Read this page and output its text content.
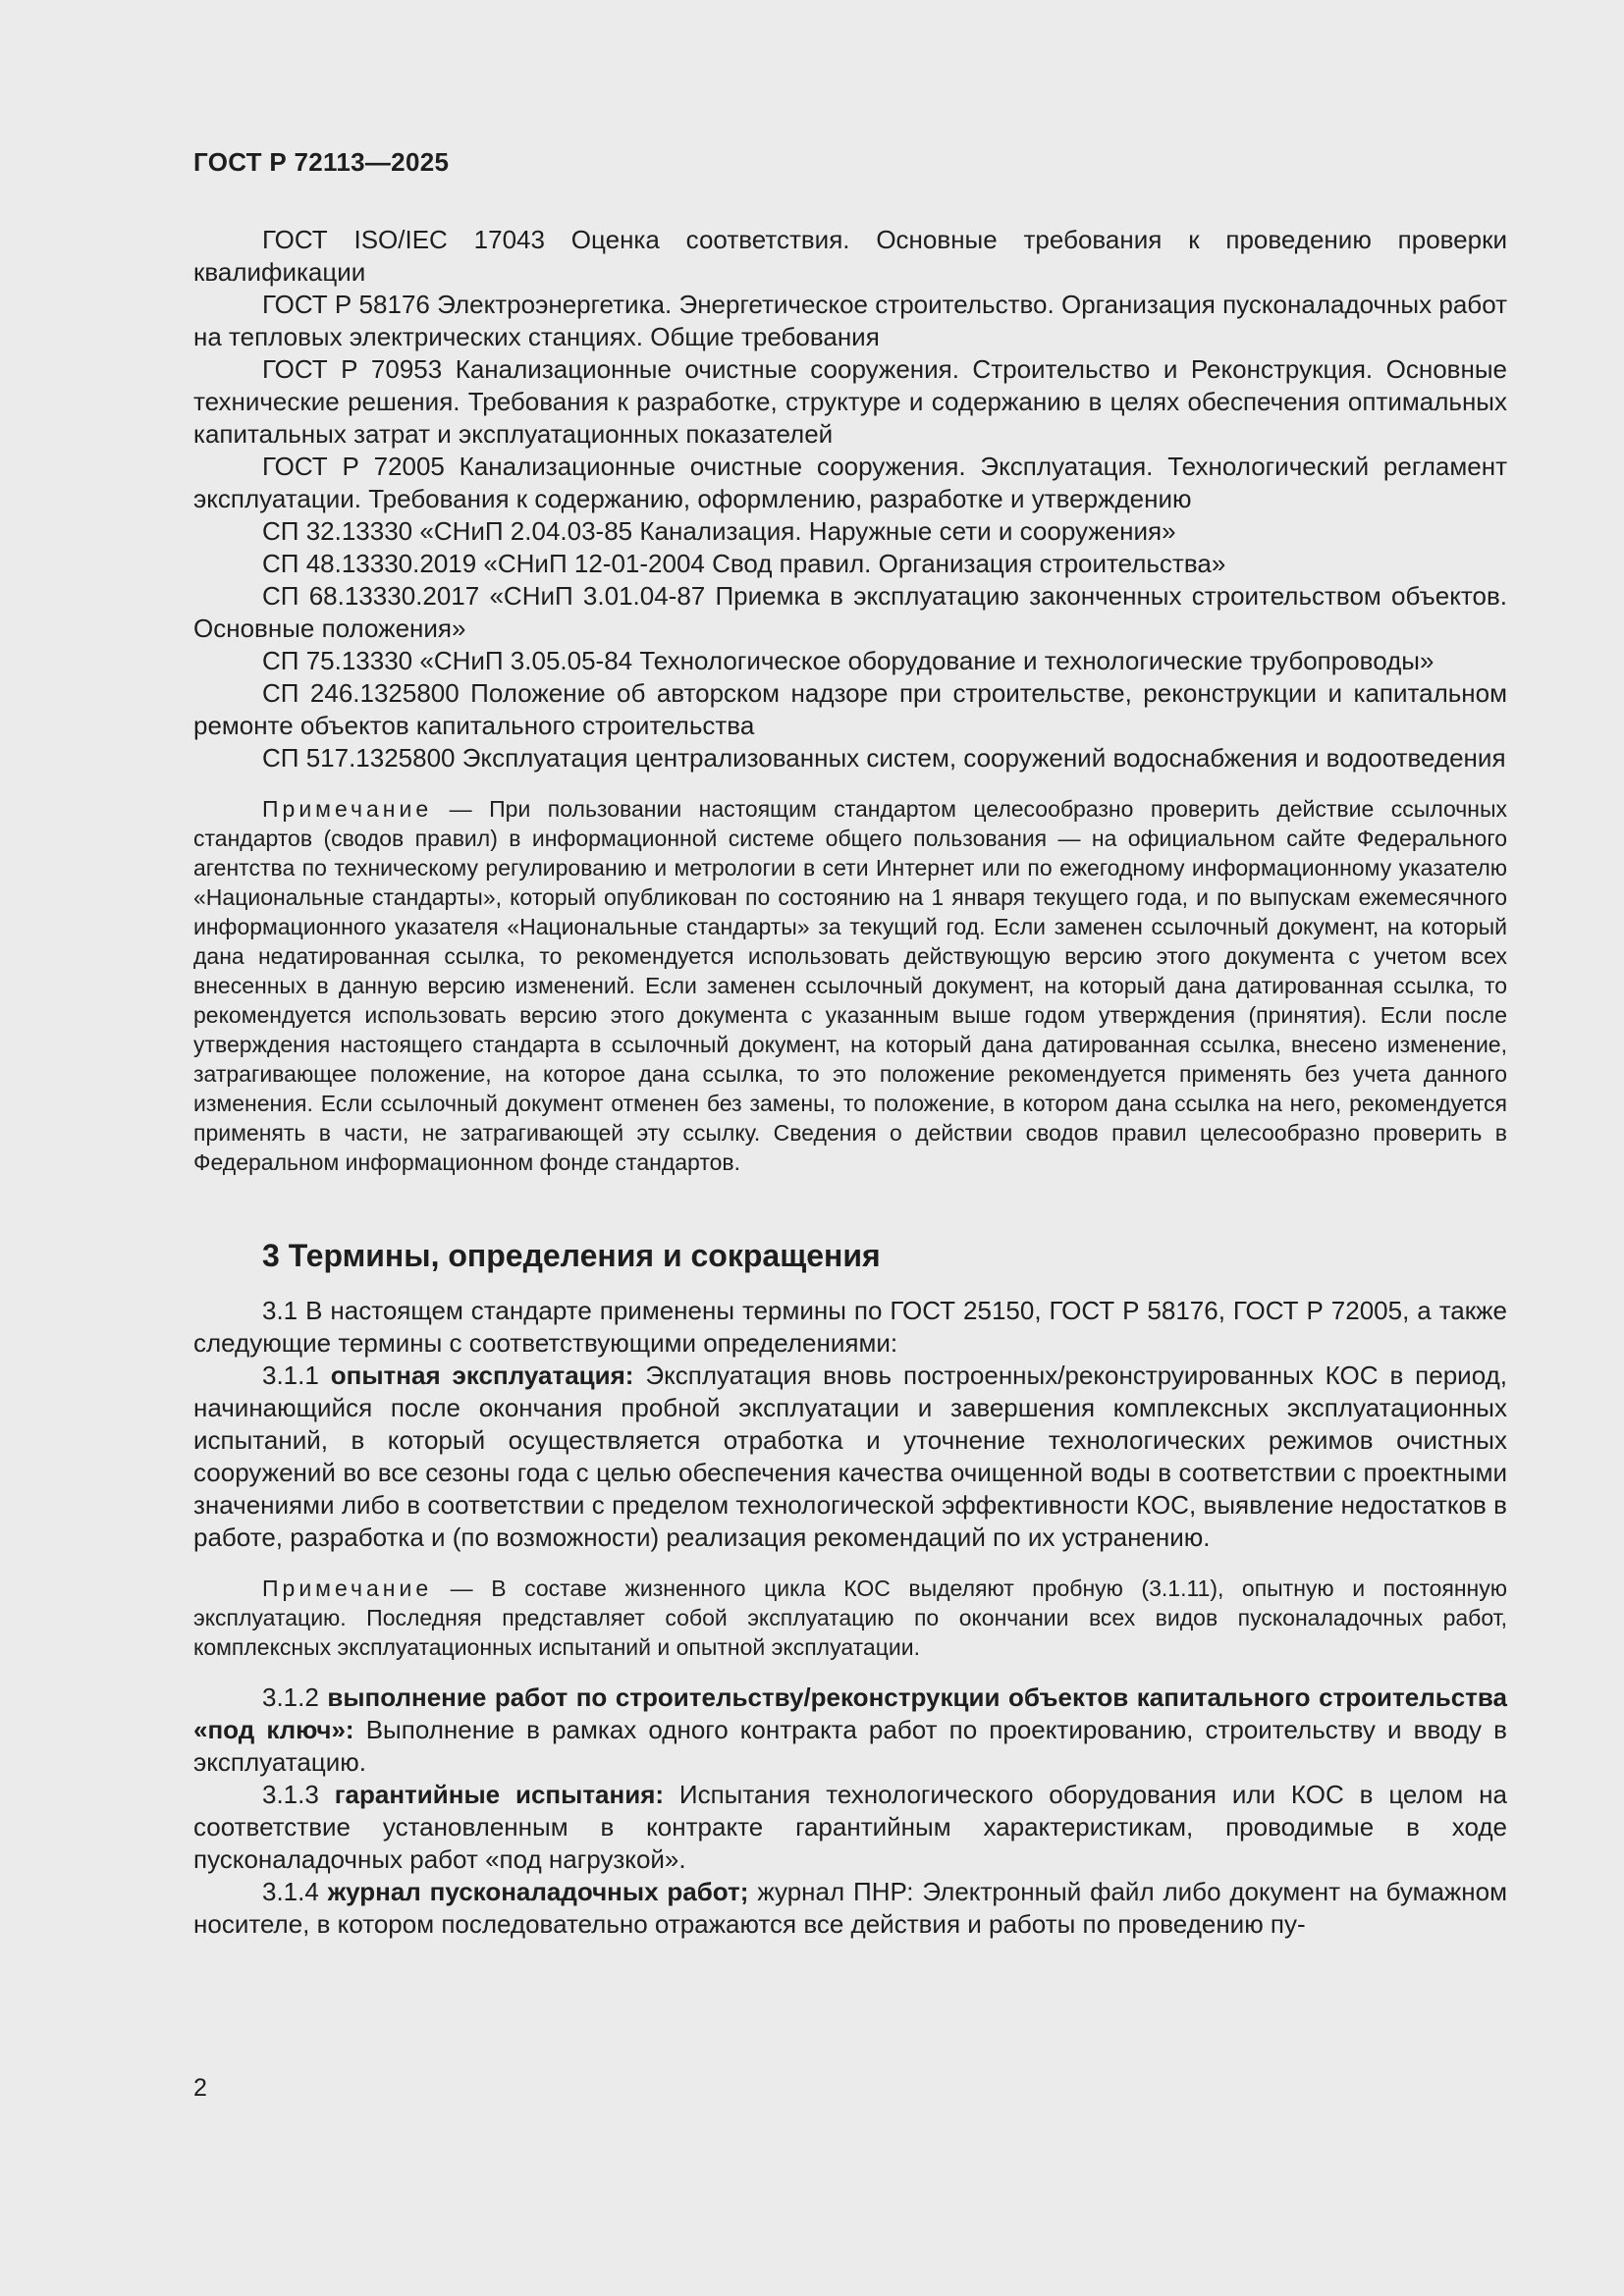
ГОСТ Р 72113—2025

ГОСТ ISO/IEC 17043 Оценка соответствия. Основные требования к проведению проверки квалификации

ГОСТ Р 58176 Электроэнергетика. Энергетическое строительство. Организация пусконаладочных работ на тепловых электрических станциях. Общие требования

ГОСТ Р 70953 Канализационные очистные сооружения. Строительство и Реконструкция. Основные технические решения. Требования к разработке, структуре и содержанию в целях обеспечения оптимальных капитальных затрат и эксплуатационных показателей

ГОСТ Р 72005 Канализационные очистные сооружения. Эксплуатация. Технологический регламент эксплуатации. Требования к содержанию, оформлению, разработке и утверждению

СП 32.13330 «СНиП 2.04.03-85 Канализация. Наружные сети и сооружения»

СП 48.13330.2019 «СНиП 12-01-2004 Свод правил. Организация строительства»

СП 68.13330.2017 «СНиП 3.01.04-87 Приемка в эксплуатацию законченных строительством объектов. Основные положения»

СП 75.13330 «СНиП 3.05.05-84 Технологическое оборудование и технологические трубопроводы»

СП 246.1325800 Положение об авторском надзоре при строительстве, реконструкции и капитальном ремонте объектов капитального строительства

СП 517.1325800 Эксплуатация централизованных систем, сооружений водоснабжения и водоотведения

Примечание — При пользовании настоящим стандартом целесообразно проверить действие ссылочных стандартов (сводов правил) в информационной системе общего пользования — на официальном сайте Федерального агентства по техническому регулированию и метрологии в сети Интернет или по ежегодному информационному указателю «Национальные стандарты», который опубликован по состоянию на 1 января текущего года, и по выпускам ежемесячного информационного указателя «Национальные стандарты» за текущий год. Если заменен ссылочный документ, на который дана недатированная ссылка, то рекомендуется использовать действующую версию этого документа с учетом всех внесенных в данную версию изменений. Если заменен ссылочный документ, на который дана датированная ссылка, то рекомендуется использовать версию этого документа с указанным выше годом утверждения (принятия). Если после утверждения настоящего стандарта в ссылочный документ, на который дана датированная ссылка, внесено изменение, затрагивающее положение, на которое дана ссылка, то это положение рекомендуется применять без учета данного изменения. Если ссылочный документ отменен без замены, то положение, в котором дана ссылка на него, рекомендуется применять в части, не затрагивающей эту ссылку. Сведения о действии сводов правил целесообразно проверить в Федеральном информационном фонде стандартов.

3 Термины, определения и сокращения

3.1 В настоящем стандарте применены термины по ГОСТ 25150, ГОСТ Р 58176, ГОСТ Р 72005, а также следующие термины с соответствующими определениями:

3.1.1 опытная эксплуатация: Эксплуатация вновь построенных/реконструированных КОС в период, начинающийся после окончания пробной эксплуатации и завершения комплексных эксплуатационных испытаний, в который осуществляется отработка и уточнение технологических режимов очистных сооружений во все сезоны года с целью обеспечения качества очищенной воды в соответствии с проектными значениями либо в соответствии с пределом технологической эффективности КОС, выявление недостатков в работе, разработка и (по возможности) реализация рекомендаций по их устранению.

Примечание — В составе жизненного цикла КОС выделяют пробную (3.1.11), опытную и постоянную эксплуатацию. Последняя представляет собой эксплуатацию по окончании всех видов пусконаладочных работ, комплексных эксплуатационных испытаний и опытной эксплуатации.

3.1.2 выполнение работ по строительству/реконструкции объектов капитального строительства «под ключ»: Выполнение в рамках одного контракта работ по проектированию, строительству и вводу в эксплуатацию.

3.1.3 гарантийные испытания: Испытания технологического оборудования или КОС в целом на соответствие установленным в контракте гарантийным характеристикам, проводимые в ходе пусконаладочных работ «под нагрузкой».

3.1.4 журнал пусконаладочных работ; журнал ПНР: Электронный файл либо документ на бумажном носителе, в котором последовательно отражаются все действия и работы по проведению пу-

2
